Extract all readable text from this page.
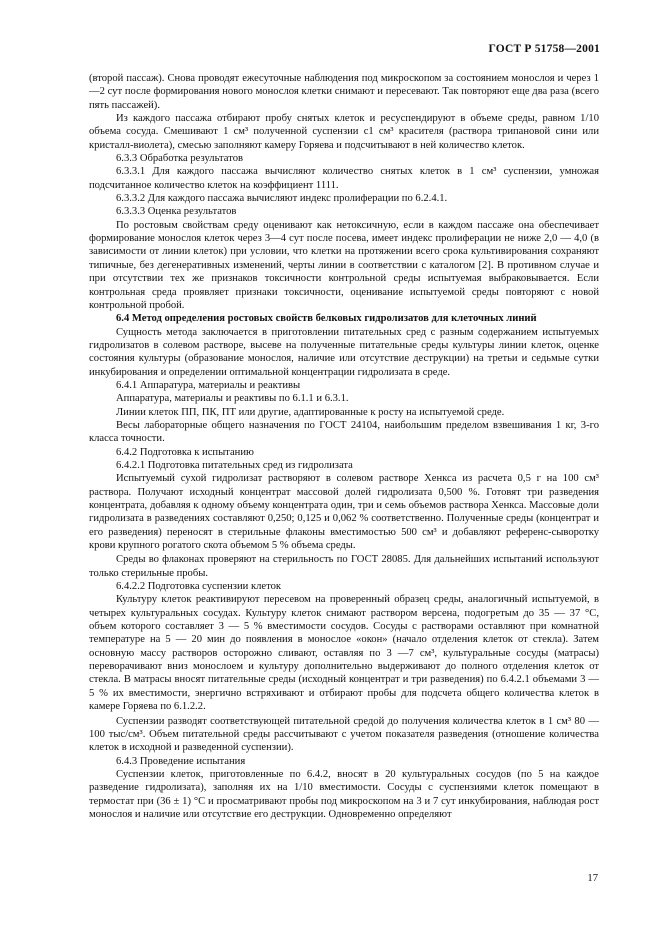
ГОСТ Р 51758—2001

(второй пассаж). Снова проводят ежесуточные наблюдения под микроскопом за состоянием монослоя и через 1—2 сут после формирования нового монослоя клетки снимают и пересевают. Так повторяют еще два раза (всего пять пассажей).

Из каждого пассажа отбирают пробу снятых клеток и ресуспендируют в объеме среды, равном 1/10 объема сосуда. Смешивают 1 см³ полученной суспензии с1 см³ красителя (раствора трипановой сини или кристалл-виолета), смесью заполняют камеру Горяева и подсчитывают в ней количество клеток.

6.3.3 Обработка результатов

6.3.3.1 Для каждого пассажа вычисляют количество снятых клеток в 1 см³ суспензии, умножая подсчитанное количество клеток на коэффициент 1111.

6.3.3.2 Для каждого пассажа вычисляют индекс пролиферации по 6.2.4.1.

6.3.3.3 Оценка результатов

По ростовым свойствам среду оценивают как нетоксичную, если в каждом пассаже она обеспечивает формирование монослоя клеток через 3—4 сут после посева, имеет индекс пролиферации не ниже 2,0 — 4,0 (в зависимости от линии клеток) при условии, что клетки на протяжении всего срока культивирования сохраняют типичные, без дегенеративных изменений, черты линии в соответствии с каталогом [2]. В противном случае и при отсутствии тех же признаков токсичности контрольной среды испытуемая выбраковывается. Если контрольная среда проявляет признаки токсичности, оценивание испытуемой среды повторяют с новой контрольной пробой.

6.4 Метод определения ростовых свойств белковых гидролизатов для клеточных линий

Сущность метода заключается в приготовлении питательных сред с разным содержанием испытуемых гидролизатов в солевом растворе, высеве на полученные питательные среды культуры линии клеток, оценке состояния культуры (образование монослоя, наличие или отсутствие деструкции) на третьи и седьмые сутки инкубирования и определении оптимальной концентрации гидролизата в среде.

6.4.1 Аппаратура, материалы и реактивы

Аппаратура, материалы и реактивы по 6.1.1 и 6.3.1.

Линии клеток ПП, ПК, ПТ или другие, адаптированные к росту на испытуемой среде.

Весы лабораторные общего назначения по ГОСТ 24104, наибольшим пределом взвешивания 1 кг, 3-го класса точности.

6.4.2 Подготовка к испытанию

6.4.2.1 Подготовка питательных сред из гидролизата

Испытуемый сухой гидролизат растворяют в солевом растворе Хенкса из расчета 0,5 г на 100 см³ раствора. Получают исходный концентрат массовой долей гидролизата 0,500 %. Готовят три разведения концентрата, добавляя к одному объему концентрата один, три и семь объемов раствора Хенкса. Массовые доли гидролизата в разведениях составляют 0,250; 0,125 и 0,062 % соответственно. Полученные среды (концентрат и его разведения) переносят в стерильные флаконы вместимостью 500 см³ и добавляют референс-сыворотку крови крупного рогатого скота объемом 5 % объема среды.

Среды во флаконах проверяют на стерильность по ГОСТ 28085. Для дальнейших испытаний используют только стерильные пробы.

6.4.2.2 Подготовка суспензии клеток

Культуру клеток реактивируют пересевом на проверенный образец среды, аналогичный испытуемой, в четырех культуральных сосудах. Культуру клеток снимают раствором версена, подогретым до 35 — 37 °С, объем которого составляет 3 — 5 % вместимости сосудов. Сосуды с растворами оставляют при комнатной температуре на 5 — 20 мин до появления в монослое «окон» (начало отделения клеток от стекла). Затем основную массу растворов осторожно сливают, оставляя по 3 —7 см³, культуральные сосуды (матрасы) переворачивают вниз монослоем и культуру дополнительно выдерживают до полного отделения клеток от стекла. В матрасы вносят питательные среды (исходный концентрат и три разведения) по 6.4.2.1 объемами 3 — 5 % их вместимости, энергично встряхивают и отбирают пробы для подсчета общего количества клеток в камере Горяева по 6.1.2.2.

Суспензии разводят соответствующей питательной средой до получения количества клеток в 1 см³ 80 — 100 тыс/см³. Объем питательной среды рассчитывают с учетом показателя разведения (отношение количества клеток в исходной и разведенной суспензии).

6.4.3 Проведение испытания

Суспензии клеток, приготовленные по 6.4.2, вносят в 20 культуральных сосудов (по 5 на каждое разведение гидролизата), заполняя их на 1/10 вместимости. Сосуды с суспензиями клеток помещают в термостат при (36 ± 1) °С и просматривают пробы под микроскопом на 3 и 7 сут инкубирования, наблюдая рост монослоя и наличие или отсутствие его деструкции. Одновременно определяют

17
